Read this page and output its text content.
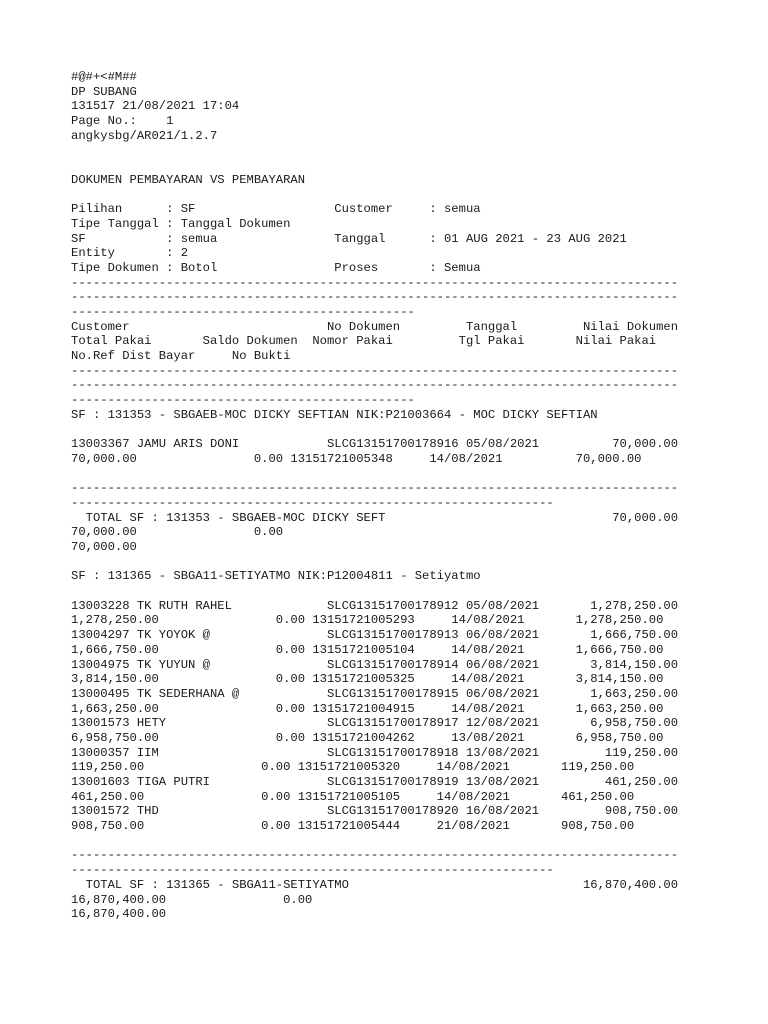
#@#+<#M##
DP SUBANG
131517 21/08/2021 17:04
Page No.:    1
angkysbg/AR021/1.2.7
DOKUMEN PEMBAYARAN VS PEMBAYARAN
Pilihan      : SF                   Customer     : semua
Tipe Tanggal : Tanggal Dokumen
SF           : semua                Tanggal      : 01 AUG 2021 - 23 AUG 2021
Entity       : 2
Tipe Dokumen : Botol                Proses       : Semua
-----------------------------------------------------------------------------------
-----------------------------------------------------------------------------------
-----------------------------------------------
Customer                           No Dokumen         Tanggal         Nilai Dokumen
Total Pakai       Saldo Dokumen  Nomor Pakai         Tgl Pakai       Nilai Pakai
No.Ref Dist Bayar     No Bukti
-----------------------------------------------------------------------------------
-----------------------------------------------------------------------------------
-----------------------------------------------
SF : 131353 - SBGAEB-MOC DICKY SEFTIAN NIK:P21003664 - MOC DICKY SEFTIAN
13003367 JAMU ARIS DONI            SLCG13151700178916 05/08/2021          70,000.00
70,000.00                0.00 13151721005348     14/08/2021          70,000.00
-----------------------------------------------------------------------------------
------------------------------------------------------------------
TOTAL SF : 131353 - SBGAEB-MOC DICKY SEFT                               70,000.00
70,000.00                0.00
70,000.00
SF : 131365 - SBGA11-SETIYATMO NIK:P12004811 - Setiyatmo
13003228 TK RUTH RAHEL             SLCG13151700178912 05/08/2021       1,278,250.00
1,278,250.00                0.00 13151721005293     14/08/2021       1,278,250.00
13004297 TK YOYOK @                SLCG13151700178913 06/08/2021       1,666,750.00
1,666,750.00                0.00 13151721005104     14/08/2021       1,666,750.00
13004975 TK YUYUN @                SLCG13151700178914 06/08/2021       3,814,150.00
3,814,150.00                0.00 13151721005325     14/08/2021       3,814,150.00
13000495 TK SEDERHANA @            SLCG13151700178915 06/08/2021       1,663,250.00
1,663,250.00                0.00 13151721004915     14/08/2021       1,663,250.00
13001573 HETY                      SLCG13151700178917 12/08/2021       6,958,750.00
6,958,750.00                0.00 13151721004262     13/08/2021       6,958,750.00
13000357 IIM                       SLCG13151700178918 13/08/2021         119,250.00
119,250.00                0.00 13151721005320     14/08/2021       119,250.00
13001603 TIGA PUTRI                SLCG13151700178919 13/08/2021         461,250.00
461,250.00                0.00 13151721005105     14/08/2021       461,250.00
13001572 THD                       SLCG13151700178920 16/08/2021         908,750.00
908,750.00                0.00 13151721005444     21/08/2021       908,750.00
-----------------------------------------------------------------------------------
------------------------------------------------------------------
TOTAL SF : 131365 - SBGA11-SETIYATMO                                16,870,400.00
16,870,400.00                0.00
16,870,400.00
